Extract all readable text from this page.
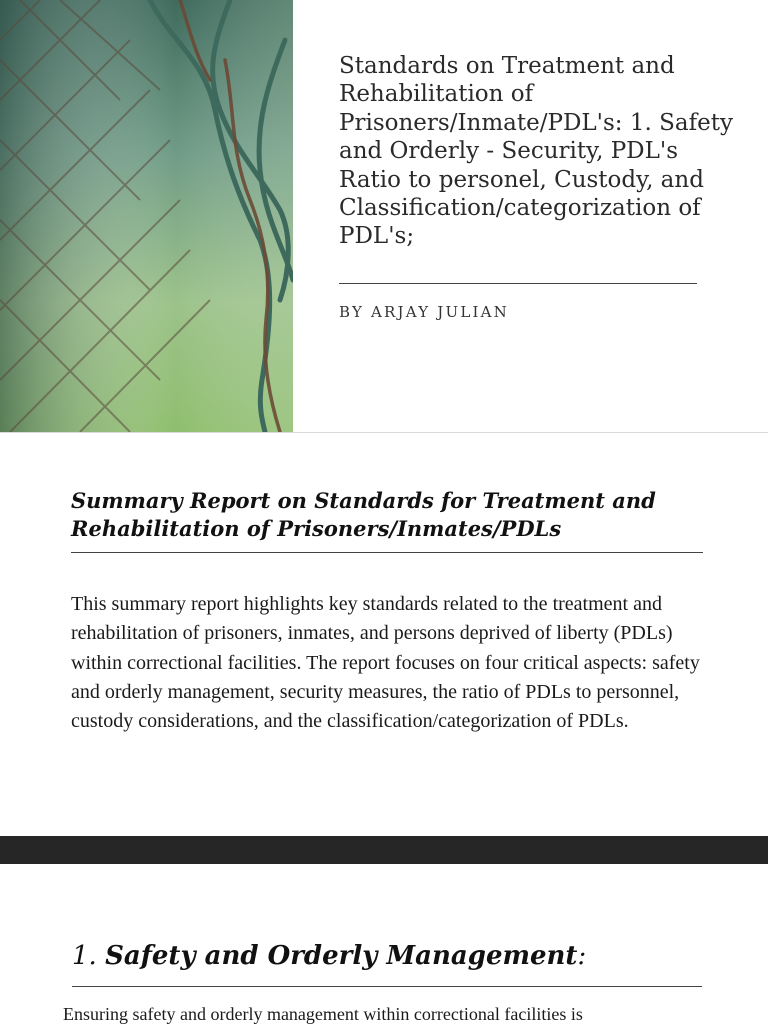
Standards on Treatment and Rehabilitation of Prisoners/Inmate/PDL's: 1. Safety and Orderly - Security, PDL's Ratio to personel, Custody, and Classification/categorization of PDL's;
BY ARJAY JULIAN
Summary Report on Standards for Treatment and Rehabilitation of Prisoners/Inmates/PDLs

This summary report highlights key standards related to the treatment and rehabilitation of prisoners, inmates, and persons deprived of liberty (PDLs) within correctional facilities. The report focuses on four critical aspects: safety and orderly management, security measures, the ratio of PDLs to personnel, custody considerations, and the classification/categorization of PDLs.

1. Safety and Orderly Management:

Ensuring safety and orderly management within correctional facilities is
